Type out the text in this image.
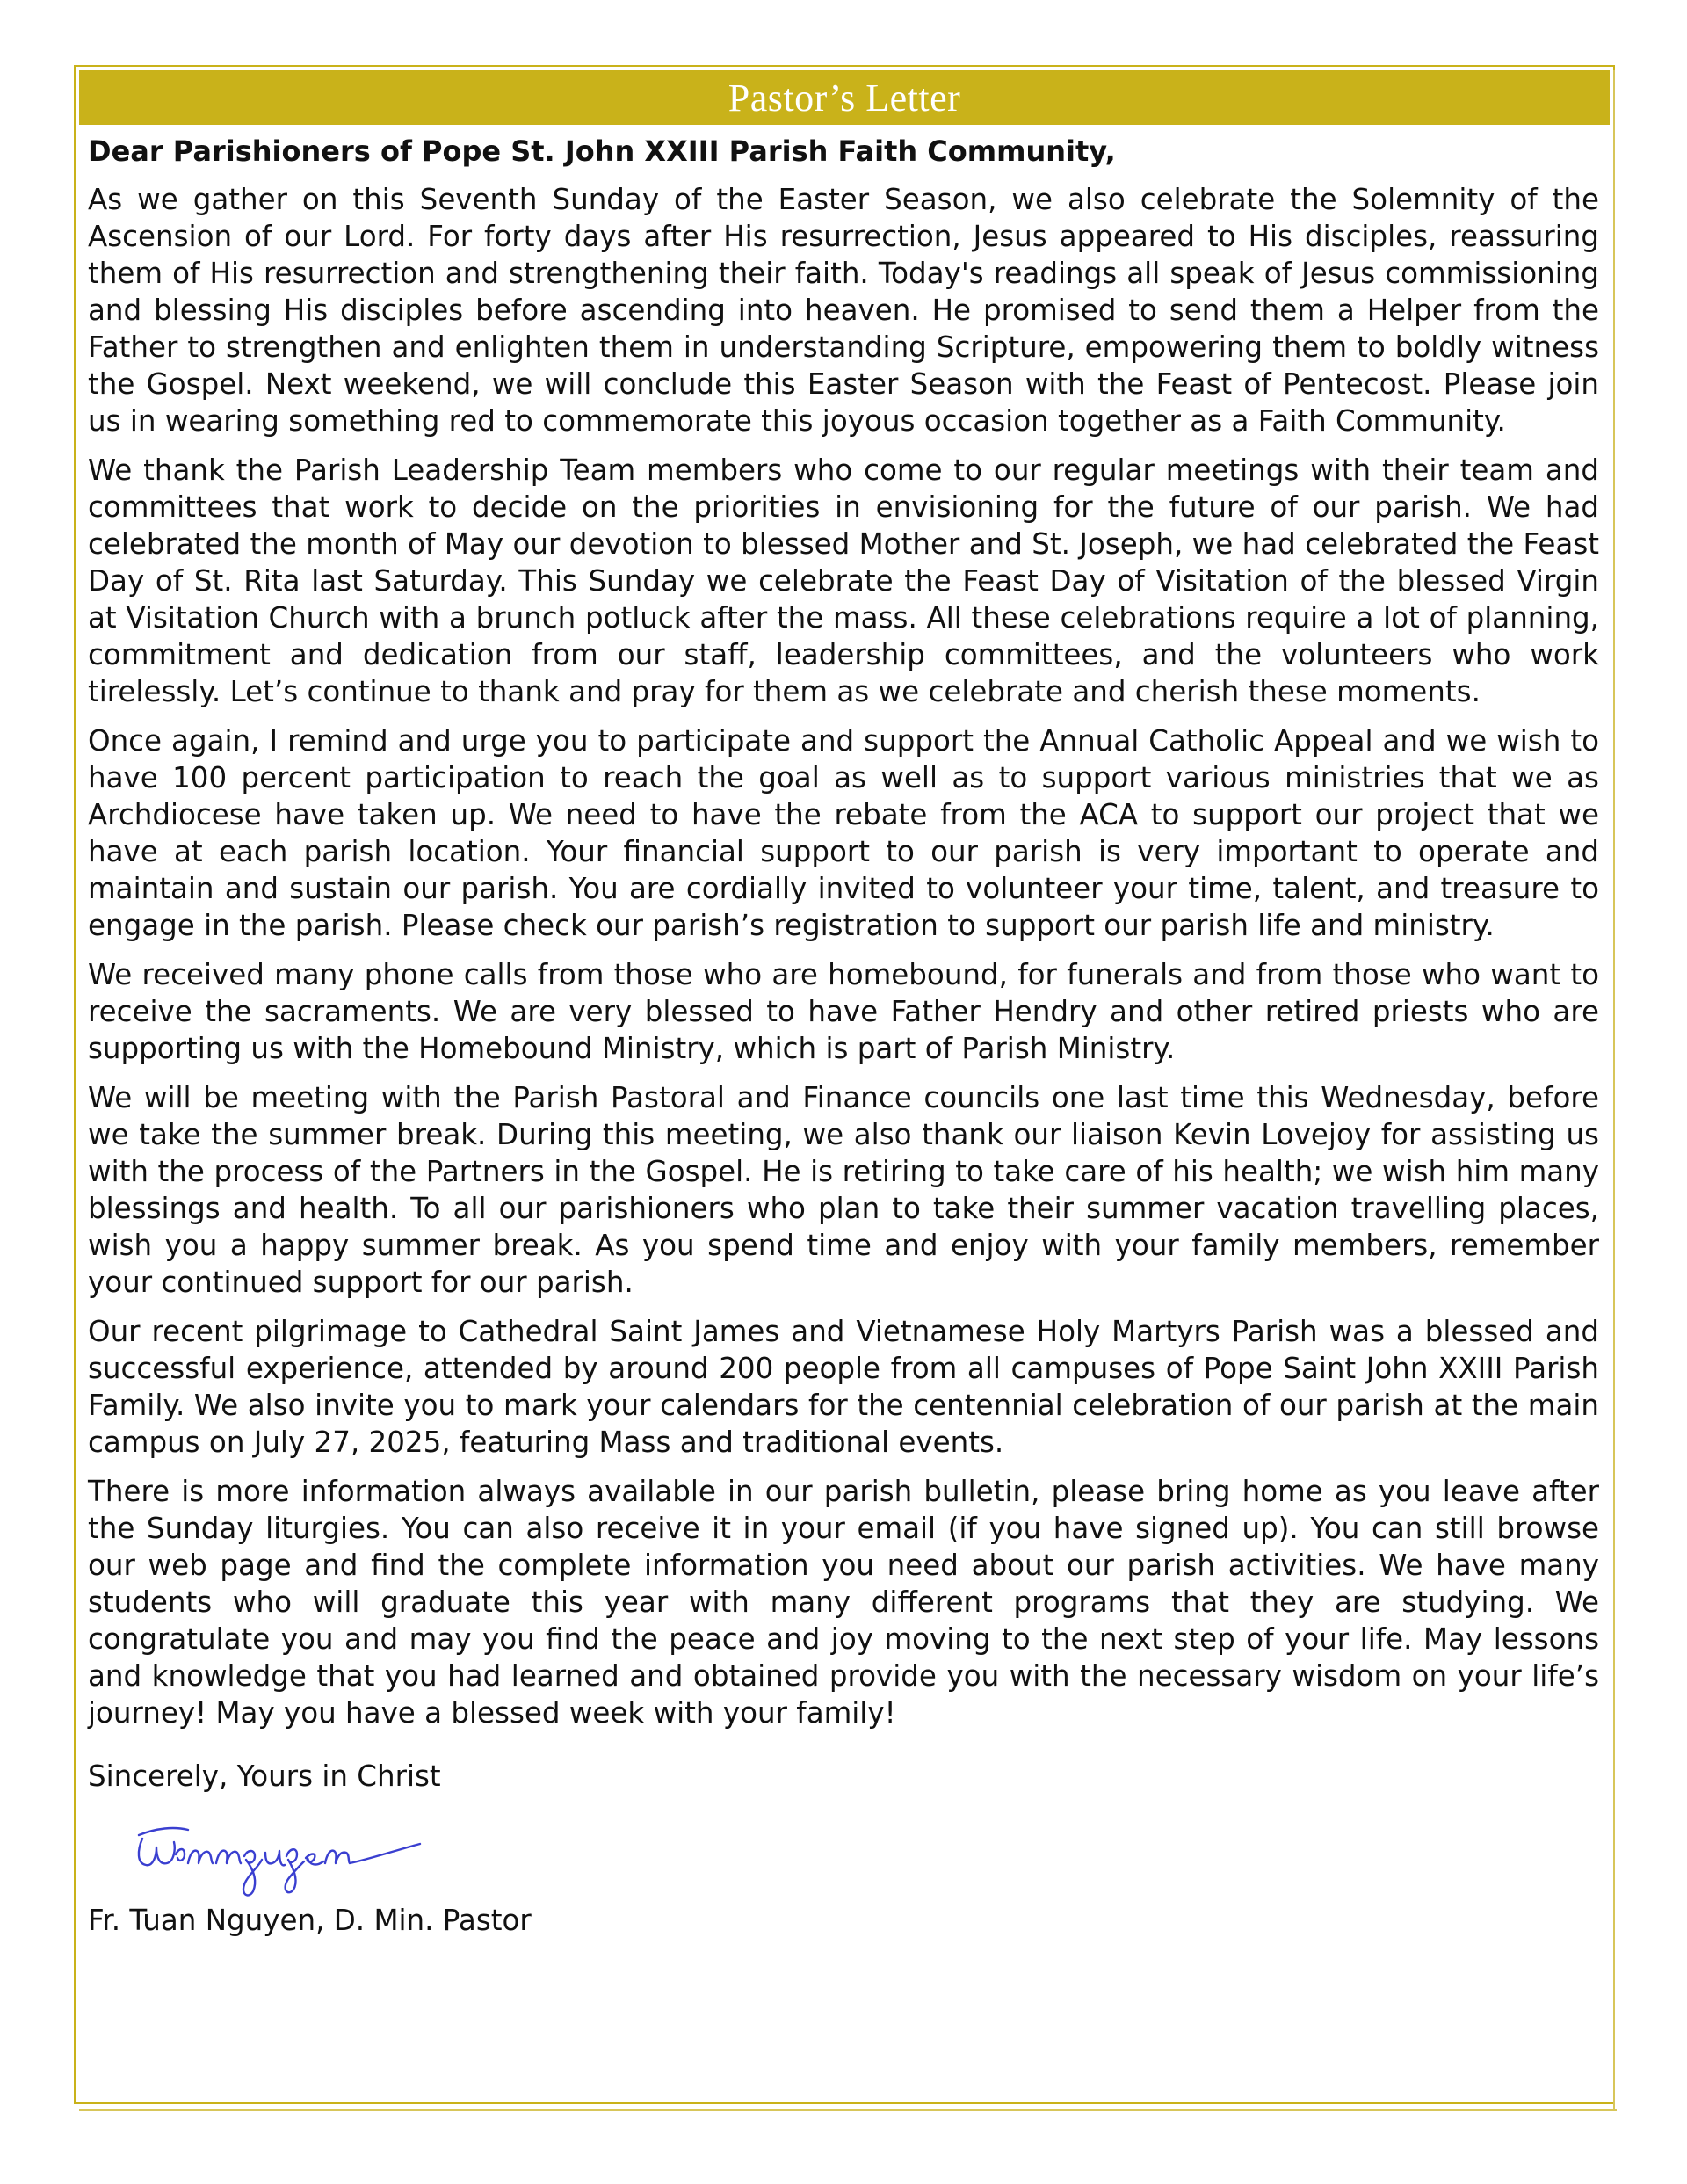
Pastor’s Letter

Dear Parishioners of Pope St. John XXIII Parish Faith Community,

As we gather on this Seventh Sunday of the Easter Season, we also celebrate the Solemnity of the Ascension of our Lord. For forty days after His resurrection, Jesus appeared to His disciples, reassuring them of His resurrection and strengthening their faith. Today's readings all speak of Jesus commissioning and blessing His disciples before ascending into heaven. He promised to send them a Helper from the Father to strengthen and enlighten them in understanding Scripture, empowering them to boldly witness the Gospel. Next weekend, we will conclude this Easter Season with the Feast of Pentecost. Please join us in wearing something red to commemorate this joyous occasion together as a Faith Community.

We thank the Parish Leadership Team members who come to our regular meetings with their team and committees that work to decide on the priorities in envisioning for the future of our parish. We had celebrated the month of May our devotion to blessed Mother and St. Joseph, we had celebrated the Feast Day of St. Rita last Saturday. This Sunday we celebrate the Feast Day of Visitation of the blessed Virgin at Visitation Church with a brunch potluck after the mass. All these celebrations require a lot of planning, commitment and dedication from our staff, leadership committees, and the volunteers who work tirelessly. Let’s continue to thank and pray for them as we celebrate and cherish these moments.

Once again, I remind and urge you to participate and support the Annual Catholic Appeal and we wish to have 100 percent participation to reach the goal as well as to support various ministries that we as Archdiocese have taken up. We need to have the rebate from the ACA to support our project that we have at each parish location. Your financial support to our parish is very important to operate and maintain and sustain our parish. You are cordially invited to volunteer your time, talent, and treasure to engage in the parish. Please check our parish’s registration to support our parish life and ministry.

We received many phone calls from those who are homebound, for funerals and from those who want to receive the sacraments. We are very blessed to have Father Hendry and other retired priests who are supporting us with the Homebound Ministry, which is part of Parish Ministry.

We will be meeting with the Parish Pastoral and Finance councils one last time this Wednesday, before we take the summer break. During this meeting, we also thank our liaison Kevin Lovejoy for assisting us with the process of the Partners in the Gospel. He is retiring to take care of his health; we wish him many blessings and health. To all our parishioners who plan to take their summer vacation travelling places, wish you a happy summer break. As you spend time and enjoy with your family members, remember your continued support for our parish.

Our recent pilgrimage to Cathedral Saint James and Vietnamese Holy Martyrs Parish was a blessed and successful experience, attended by around 200 people from all campuses of Pope Saint John XXIII Parish Family. We also invite you to mark your calendars for the centennial celebration of our parish at the main campus on July 27, 2025, featuring Mass and traditional events.

There is more information always available in our parish bulletin, please bring home as you leave after the Sunday liturgies. You can also receive it in your email (if you have signed up). You can still browse our web page and find the complete information you need about our parish activities. We have many students who will graduate this year with many different programs that they are studying. We congratulate you and may you find the peace and joy moving to the next step of your life. May lessons and knowledge that you had learned and obtained provide you with the necessary wisdom on your life’s journey! May you have a blessed week with your family!

Sincerely, Yours in Christ

Fr. Tuan Nguyen, D. Min. Pastor
